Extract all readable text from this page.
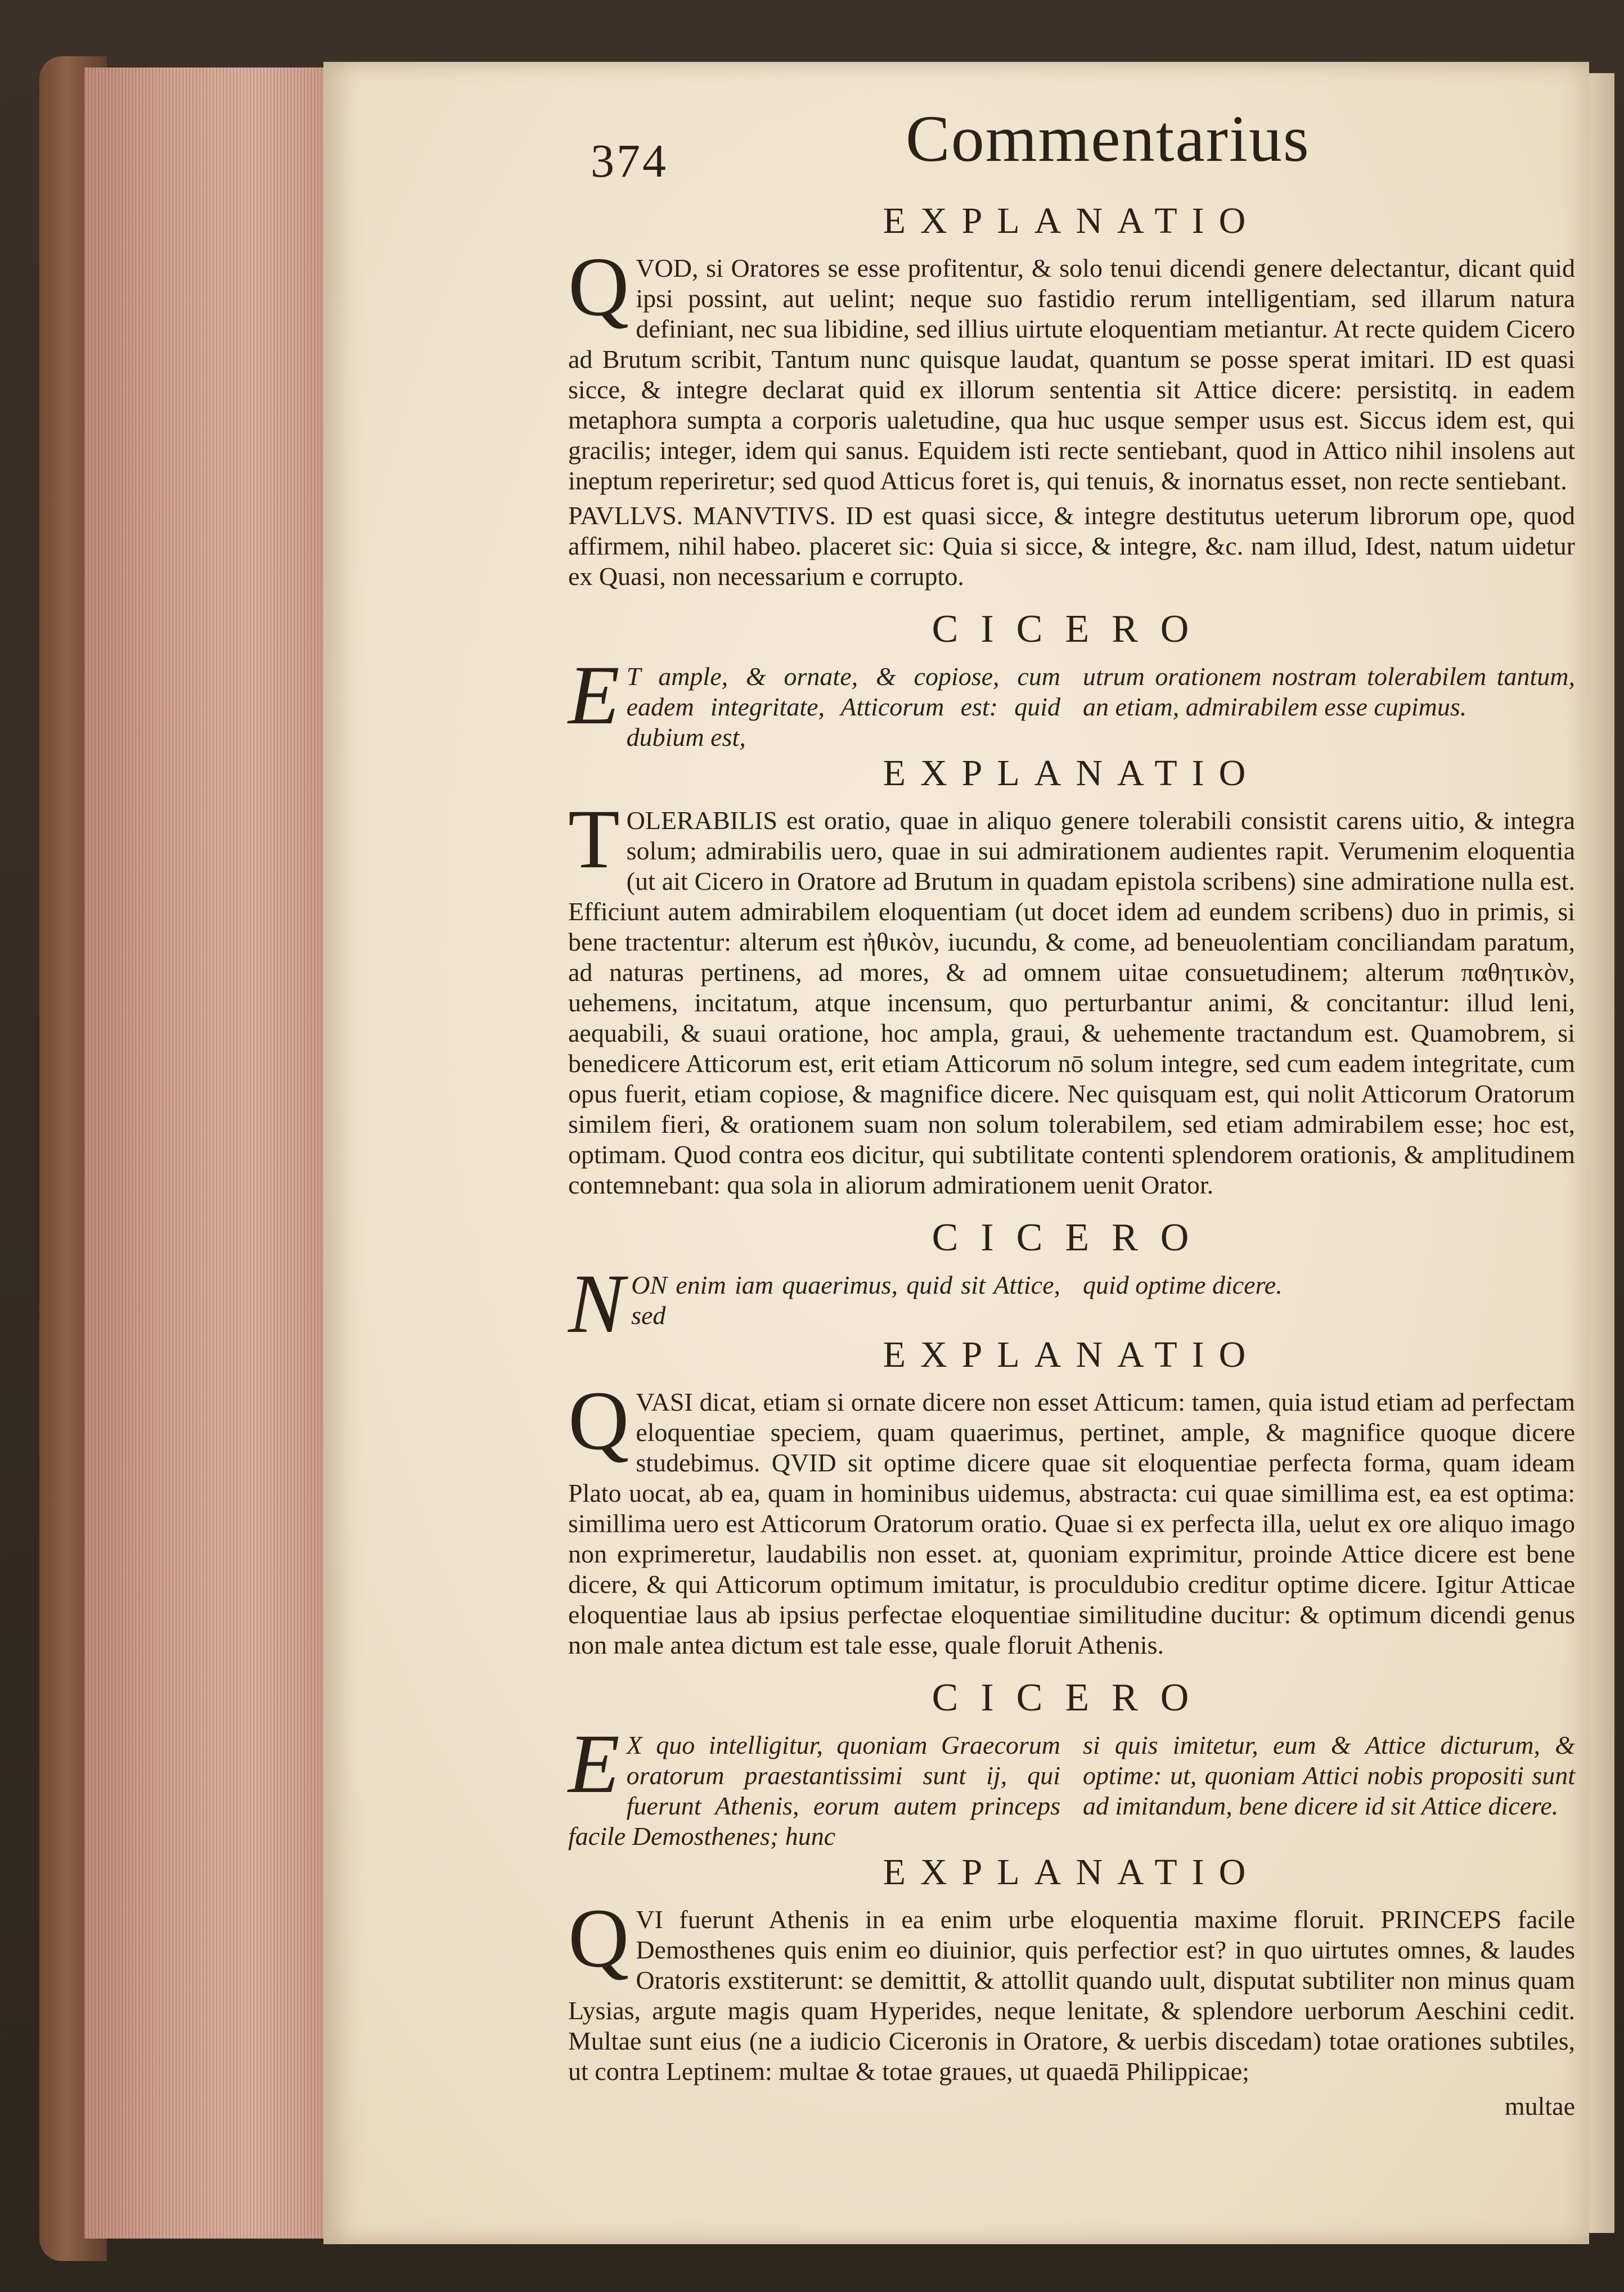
374	Commentarius
EXPLANATIO

QVOD, si Oratores se esse profitentur, & solo tenui dicendi genere delectantur, dicant quid ipsi possint, aut uelint; neque suo fastidio rerum intelligentiam, sed illarum natura definiant, nec sua libidine, sed illius uirtute eloquentiam metiantur. At recte quidem Cicero ad Brutum scribit, Tantum nunc quisque laudat, quantum se posse sperat imitari. ID est quasi sicce, & integre declarat quid ex illorum sententia sit Attice dicere: persistitq. in eadem metaphora sumpta a corporis ualetudine, qua huc usque semper usus est. Siccus idem est, qui gracilis; integer, idem qui sanus. Equidem isti recte sentiebant, quod in Attico nihil insolens aut ineptum reperiretur; sed quod Atticus foret is, qui tenuis, & inornatus esset, non recte sentiebant.

PAVLLVS. MANVTIVS. ID est quasi sicce, & integre destitutus ueterum librorum ope, quod affirmem, nihil habeo. placeret sic: Quia si sicce, & integre, &c. nam illud, Idest, natum uidetur ex Quasi, non necessarium e corrupto.

CICERO
E T ample, & ornate, & copiose, cum eadem integritate, Atticorum est: quid dubium est,
utrum orationem nostram tolerabilem tantum, an etiam, admirabilem esse cupimus.
EXPLANATIO

TOLERABILIS est oratio, quae in aliquo genere tolerabili consistit carens uitio, & integra solum; admirabilis uero, quae in sui admirationem audientes rapit. Verumenim eloquentia (ut ait Cicero in Oratore ad Brutum in quadam epistola scribens) sine admiratione nulla est. Efficiunt autem admirabilem eloquentiam (ut docet idem ad eundem scribens) duo in primis, si bene tractentur: alterum est ἠθικὸν, iucundu, & come, ad beneuolentiam conciliandam paratum, ad naturas pertinens, ad mores, & ad omnem uitae consuetudinem; alterum παθητικὸν, uehemens, incitatum, atque incensum, quo perturbantur animi, & concitantur: illud leni, aequabili, & suaui oratione, hoc ampla, graui, & uehemente tractandum est. Quamobrem, si benedicere Atticorum est, erit etiam Atticorum nō solum integre, sed cum eadem integritate, cum opus fuerit, etiam copiose, & magnifice dicere. Nec quisquam est, qui nolit Atticorum Oratorum similem fieri, & orationem suam non solum tolerabilem, sed etiam admirabilem esse; hoc est, optimam. Quod contra eos dicitur, qui subtilitate contenti splendorem orationis, & amplitudinem contemnebant: qua sola in aliorum admirationem uenit Orator.

CICERO
NON enim iam quaerimus, quid sit Attice, sed
quid optime dicere.
EXPLANATIO

QVASI dicat, etiam si ornate dicere non esset Atticum: tamen, quia istud etiam ad perfectam eloquentiae speciem, quam quaerimus, pertinet, ample, & magnifice quoque dicere studebimus. QVID sit optime dicere quae sit eloquentiae perfecta forma, quam ideam Plato uocat, ab ea, quam in hominibus uidemus, abstracta: cui quae simillima est, ea est optima: simillima uero est Atticorum Oratorum oratio. Quae si ex perfecta illa, uelut ex ore aliquo imago non exprimeretur, laudabilis non esset. at, quoniam exprimitur, proinde Attice dicere est bene dicere, & qui Atticorum optimum imitatur, is proculdubio creditur optime dicere. Igitur Atticae eloquentiae laus ab ipsius perfectae eloquentiae similitudine ducitur: & optimum dicendi genus non male antea dictum est tale esse, quale floruit Athenis.

CICERO
E X quo intelligitur, quoniam Graecorum oratorum praestantissimi sunt ij, qui fuerunt Athenis, eorum autem princeps facile Demosthenes; hunc
si quis imitetur, eum & Attice dicturum, & optime: ut, quoniam Attici nobis propositi sunt ad imitandum, bene dicere id sit Attice dicere.
EXPLANATIO

QVI fuerunt Athenis in ea enim urbe eloquentia maxime floruit. PRINCEPS facile Demosthenes quis enim eo diuinior, quis perfectior est? in quo uirtutes omnes, & laudes Oratoris exstiterunt: se demittit, & attollit quando uult, disputat subtiliter non minus quam Lysias, argute magis quam Hyperides, neque lenitate, & splendore uerborum Aeschini cedit. Multae sunt eius (ne a iudicio Ciceronis in Oratore, & uerbis discedam) totae orationes subtiles, ut contra Leptinem: multae & totae graues, ut quaedā Philippicae;

multae
